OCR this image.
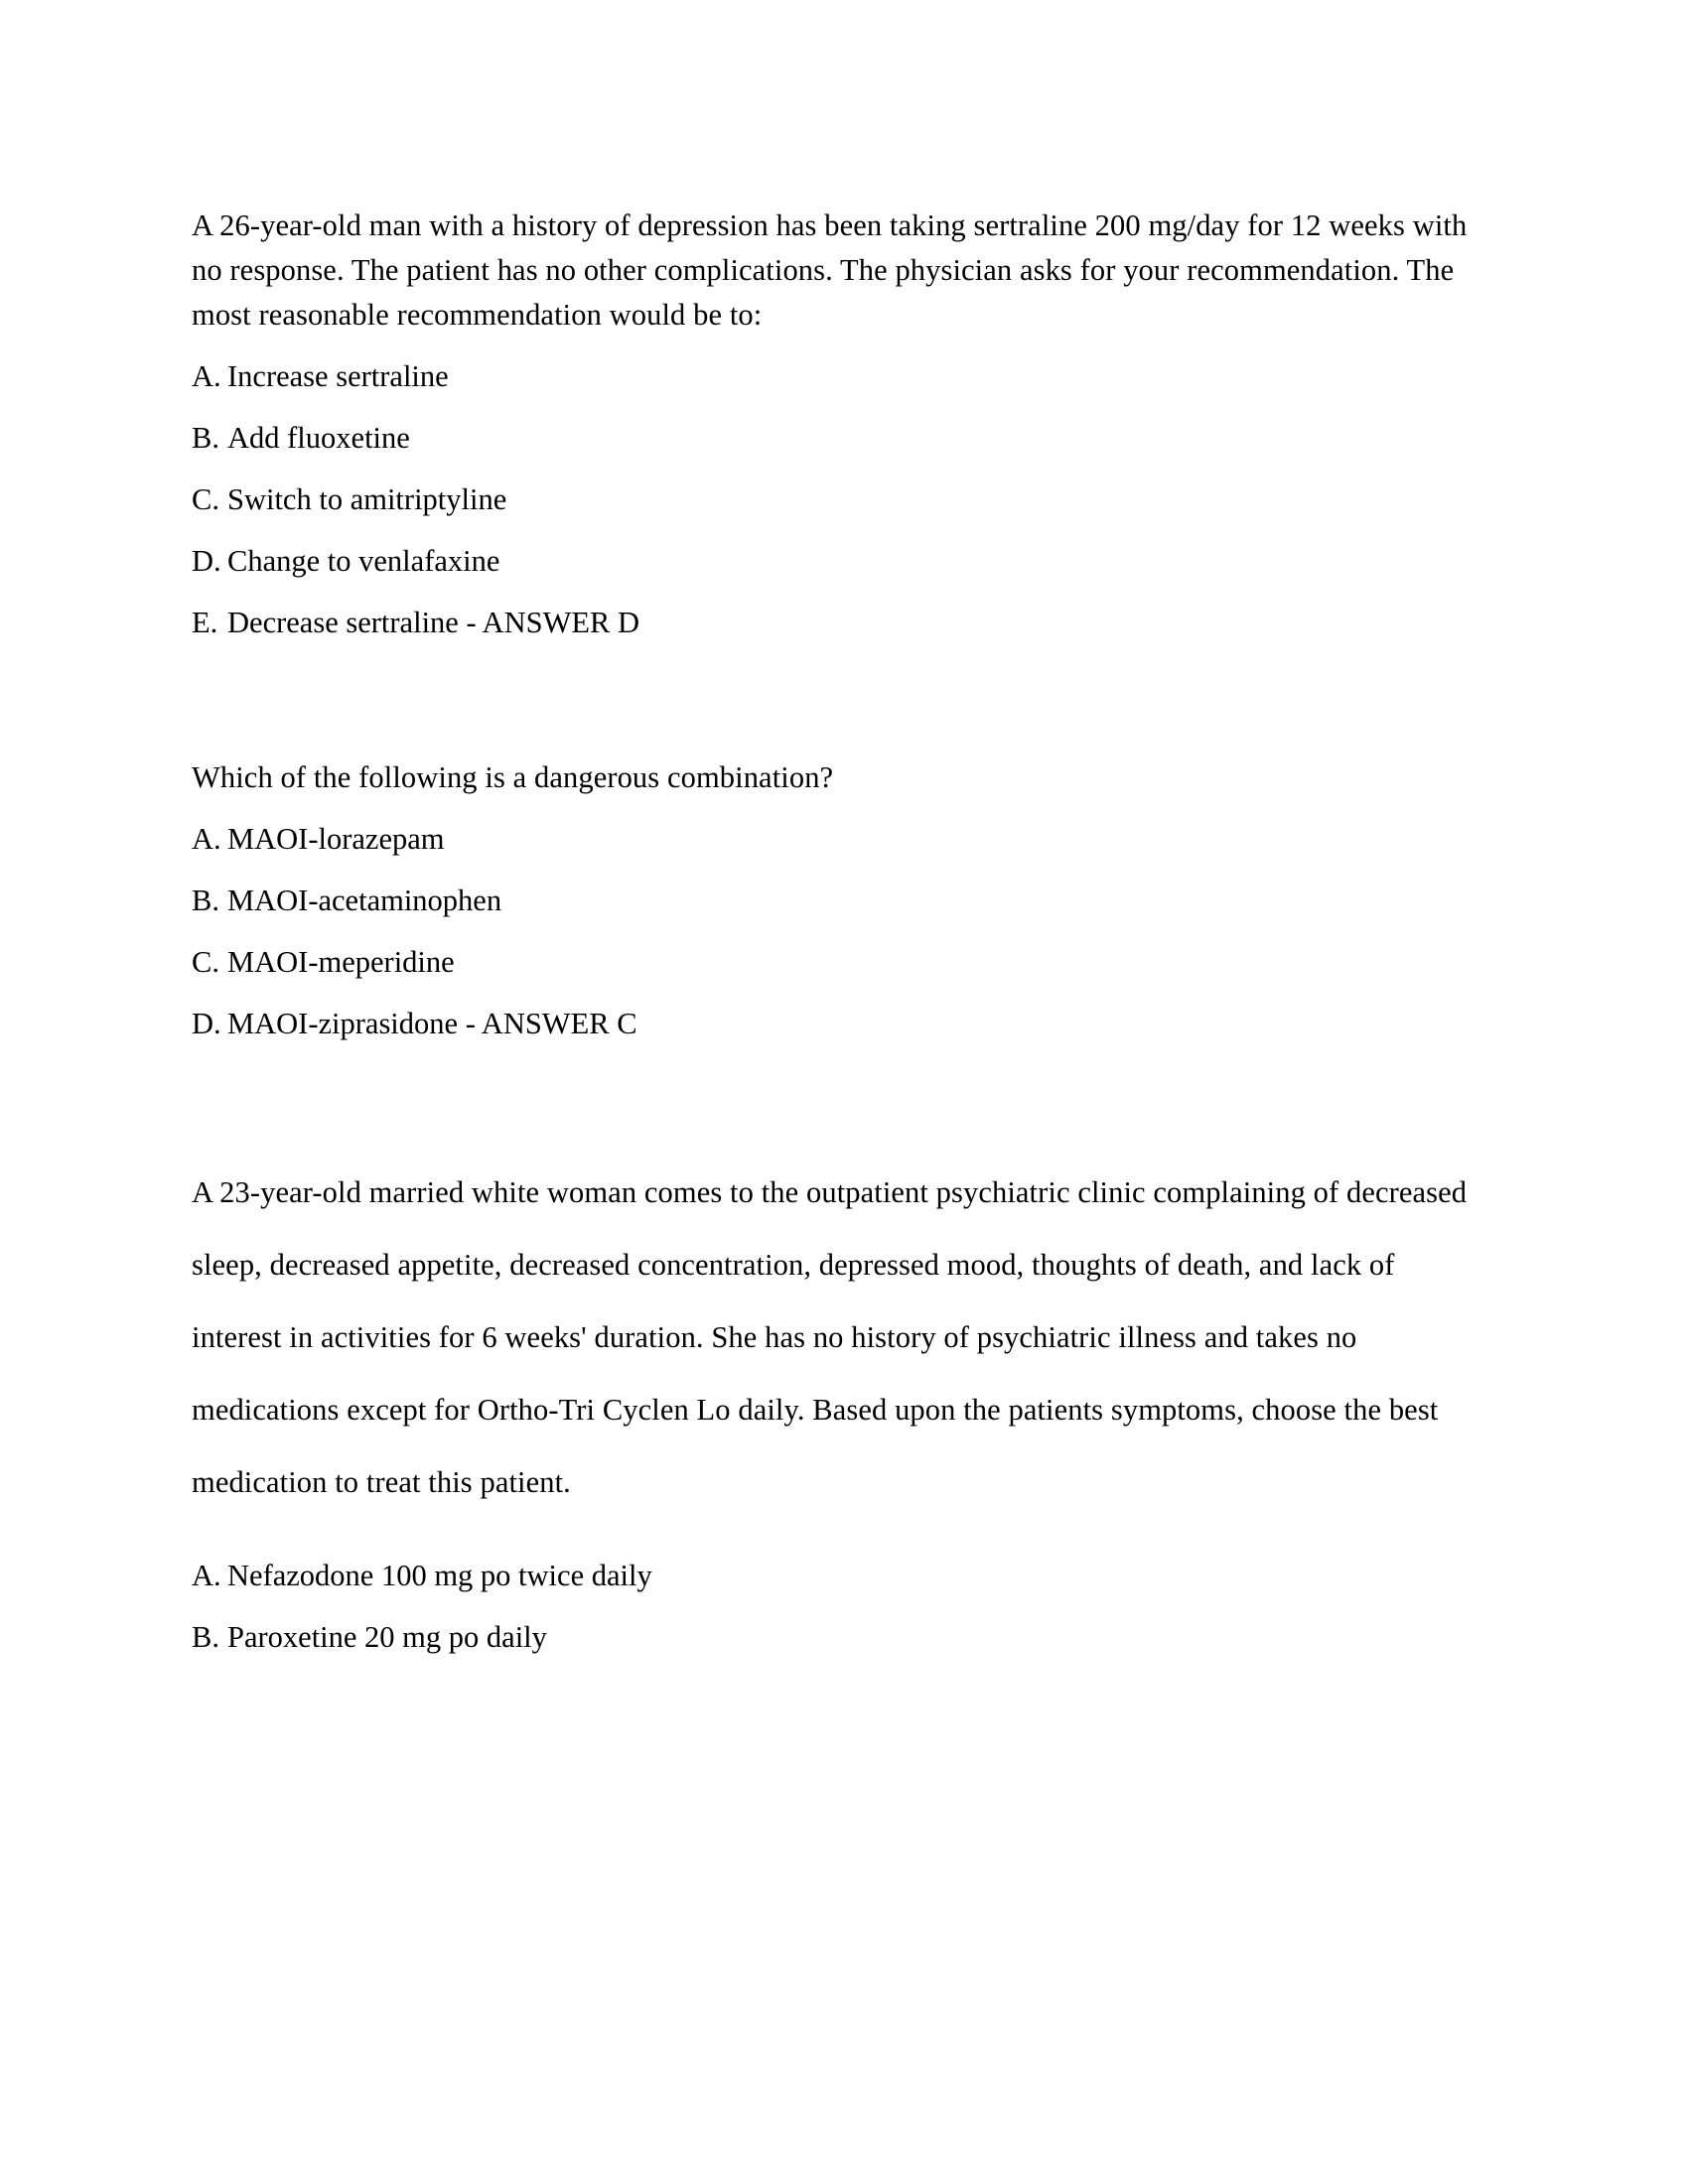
A 26-year-old man with a history of depression has been taking sertraline 200 mg/day for 12 weeks with no response. The patient has no other complications. The physician asks for your recommendation. The most reasonable recommendation would be to:

A. Increase sertraline
B. Add fluoxetine
C. Switch to amitriptyline
D. Change to venlafaxine
E. Decrease sertraline - ANSWER D

Which of the following is a dangerous combination?

A. MAOI-lorazepam
B. MAOI-acetaminophen
C. MAOI-meperidine
D. MAOI-ziprasidone - ANSWER C

A 23-year-old married white woman comes to the outpatient psychiatric clinic complaining of decreased sleep, decreased appetite, decreased concentration, depressed mood, thoughts of death, and lack of interest in activities for 6 weeks' duration. She has no history of psychiatric illness and takes no medications except for Ortho-Tri Cyclen Lo daily. Based upon the patients symptoms, choose the best medication to treat this patient.

A. Nefazodone 100 mg po twice daily
B. Paroxetine 20 mg po daily
